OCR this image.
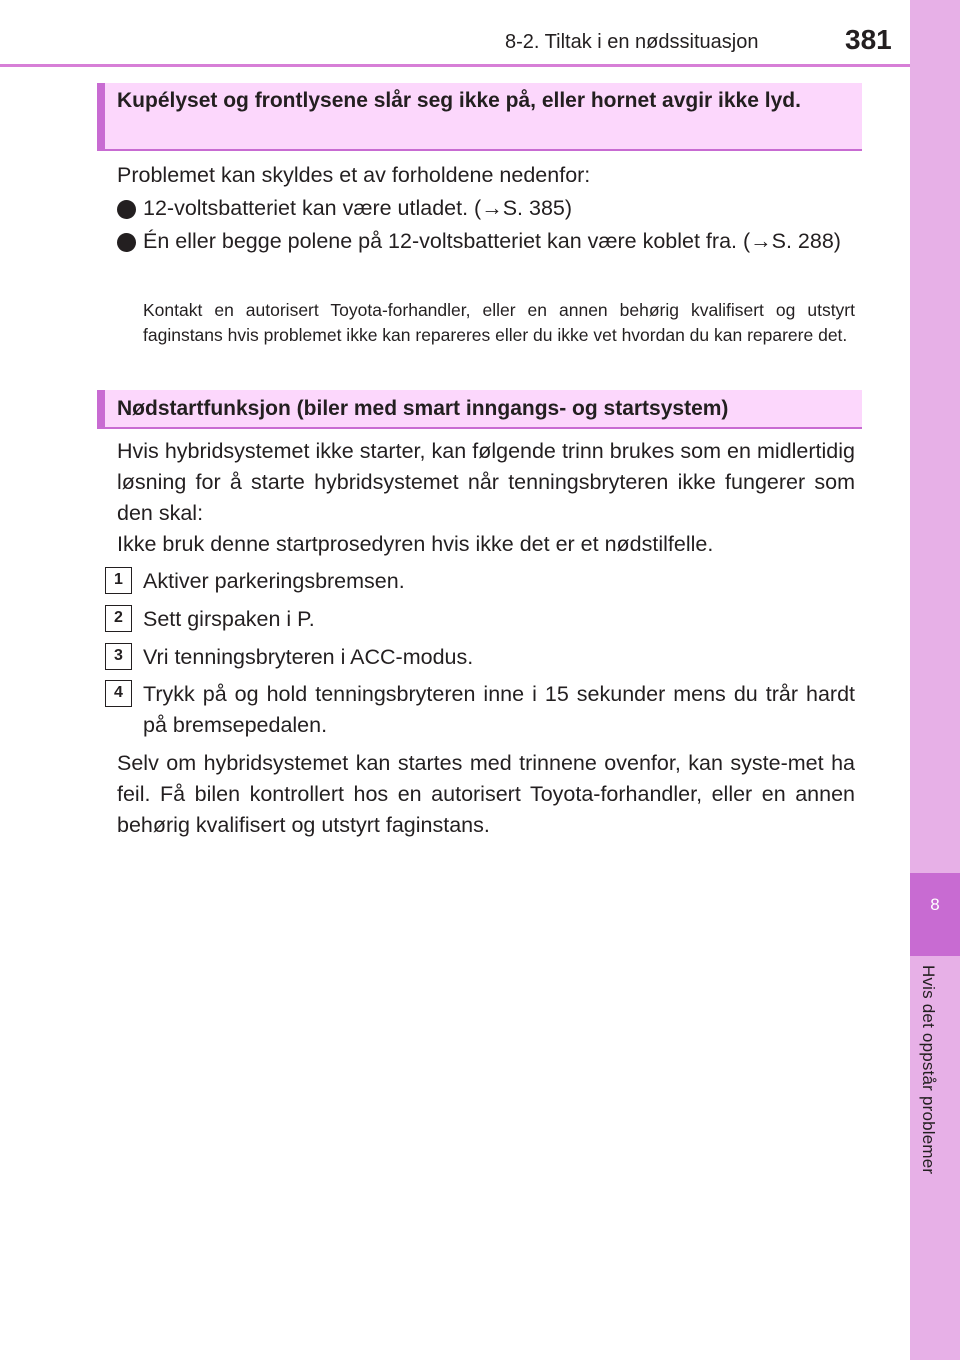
8-2. Tiltak i en nødssituasjon	381
8
Hvis det oppstår problemer
Kupélyset og frontlysene slår seg ikke på, eller hornet avgir ikke lyd.
Problemet kan skyldes et av forholdene nedenfor:
12-voltsbatteriet kan være utladet. (→S. 385)
Én eller begge polene på 12-voltsbatteriet kan være koblet fra. (→S. 288)
Kontakt en autorisert Toyota-forhandler, eller en annen behørig kvalifisert og utstyrt faginstans hvis problemet ikke kan repareres eller du ikke vet hvordan du kan reparere det.
Nødstartfunksjon (biler med smart inngangs- og startsystem)
Hvis hybridsystemet ikke starter, kan følgende trinn brukes som en midlertidig løsning for å starte hybridsystemet når tenningsbryteren ikke fungerer som den skal:
Ikke bruk denne startprosedyren hvis ikke det er et nødstilfelle.
1 Aktiver parkeringsbremsen.
2 Sett girspaken i P.
3 Vri tenningsbryteren i ACC-modus.
4 Trykk på og hold tenningsbryteren inne i 15 sekunder mens du trår hardt på bremsepedalen.
Selv om hybridsystemet kan startes med trinnene ovenfor, kan syste-met ha feil. Få bilen kontrollert hos en autorisert Toyota-forhandler, eller en annen behørig kvalifisert og utstyrt faginstans.
